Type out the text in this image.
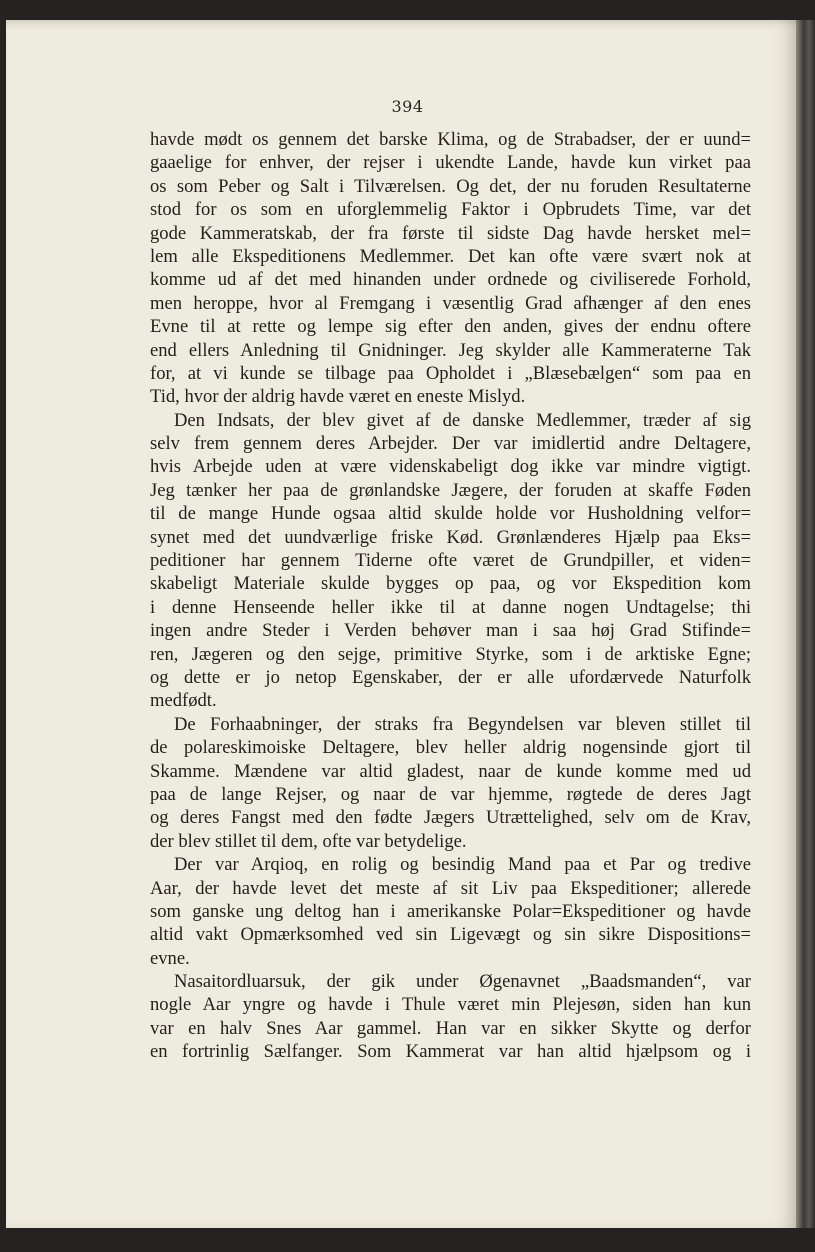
394
havde mødt os gennem det barske Klima, og de Strabadser, der er uund=
gaaelige for enhver, der rejser i ukendte Lande, havde kun virket paa
os som Peber og Salt i Tilværelsen. Og det, der nu foruden Resultaterne
stod for os som en uforglemmelig Faktor i Opbrudets Time, var det
gode Kammeratskab, der fra første til sidste Dag havde hersket mel=
lem alle Ekspeditionens Medlemmer. Det kan ofte være svært nok at
komme ud af det med hinanden under ordnede og civiliserede Forhold,
men heroppe, hvor al Fremgang i væsentlig Grad afhænger af den enes
Evne til at rette og lempe sig efter den anden, gives der endnu oftere
end ellers Anledning til Gnidninger. Jeg skylder alle Kammeraterne Tak
for, at vi kunde se tilbage paa Opholdet i „Blæsebælgen“ som paa en
Tid, hvor der aldrig havde været en eneste Mislyd.
Den Indsats, der blev givet af de danske Medlemmer, træder af sig
selv frem gennem deres Arbejder. Der var imidlertid andre Deltagere,
hvis Arbejde uden at være videnskabeligt dog ikke var mindre vigtigt.
Jeg tænker her paa de grønlandske Jægere, der foruden at skaffe Føden
til de mange Hunde ogsaa altid skulde holde vor Husholdning velfor=
synet med det uundværlige friske Kød. Grønlænderes Hjælp paa Eks=
peditioner har gennem Tiderne ofte været de Grundpiller, et viden=
skabeligt Materiale skulde bygges op paa, og vor Ekspedition kom
i denne Henseende heller ikke til at danne nogen Undtagelse; thi
ingen andre Steder i Verden behøver man i saa høj Grad Stifinde=
ren, Jægeren og den sejge, primitive Styrke, som i de arktiske Egne;
og dette er jo netop Egenskaber, der er alle ufordærvede Naturfolk
medfødt.
De Forhaabninger, der straks fra Begyndelsen var bleven stillet til
de polareskimoiske Deltagere, blev heller aldrig nogensinde gjort til
Skamme. Mændene var altid gladest, naar de kunde komme med ud
paa de lange Rejser, og naar de var hjemme, røgtede de deres Jagt
og deres Fangst med den fødte Jægers Utrættelighed, selv om de Krav,
der blev stillet til dem, ofte var betydelige.
Der var Arqioq, en rolig og besindig Mand paa et Par og tredive
Aar, der havde levet det meste af sit Liv paa Ekspeditioner; allerede
som ganske ung deltog han i amerikanske Polar=Ekspeditioner og havde
altid vakt Opmærksomhed ved sin Ligevægt og sin sikre Dispositions=
evne.
Nasaitordluarsuk, der gik under Øgenavnet „Baadsmanden“, var
nogle Aar yngre og havde i Thule været min Plejesøn, siden han kun
var en halv Snes Aar gammel. Han var en sikker Skytte og derfor
en fortrinlig Sælfanger. Som Kammerat var han altid hjælpsom og i
